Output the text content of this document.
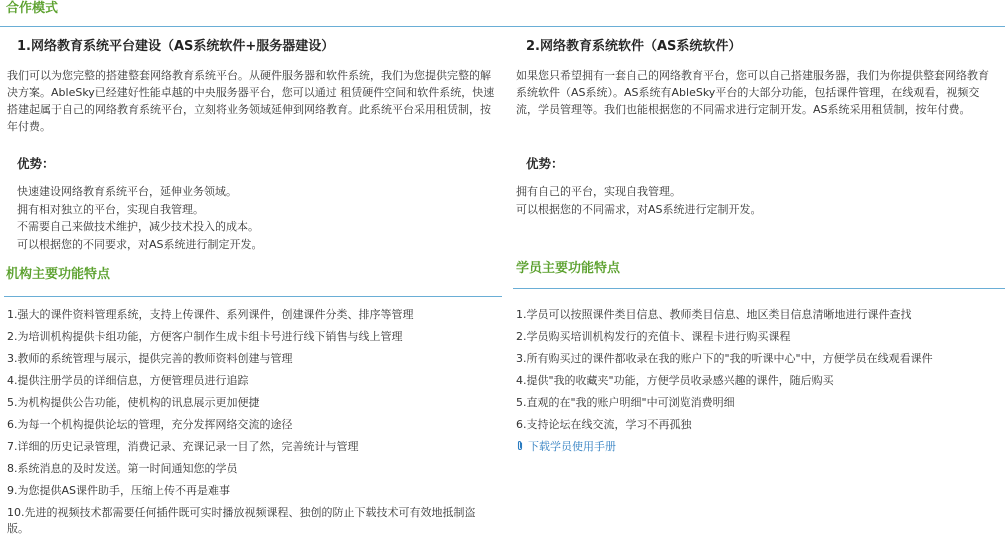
合作模式
1.网络教育系统平台建设（AS系统软件+服务器建设）
我们可以为您完整的搭建整套网络教育系统平台。从硬件服务器和软件系统，我们为您提供完整的解决方案。AbleSky已经建好性能卓越的中央服务器平台，您可以通过 租赁硬件空间和软件系统，快速搭建起属于自己的网络教育系统平台，立刻将业务领域延伸到网络教育。此系统平台采用租赁制，按年付费。
优势：
快速建设网络教育系统平台，延伸业务领域。
拥有相对独立的平台，实现自我管理。
不需要自己来做技术维护，减少技术投入的成本。
可以根据您的不同要求，对AS系统进行制定开发。
2.网络教育系统软件（AS系统软件）
如果您只希望拥有一套自己的网络教育平台，您可以自己搭建服务器，我们为你提供整套网络教育系统软件（AS系统）。AS系统有AbleSky平台的大部分功能，包括课件管理，在线观看，视频交流，学员管理等。我们也能根据您的不同需求进行定制开发。AS系统采用租赁制，按年付费。
优势：
拥有自己的平台，实现自我管理。
可以根据您的不同需求，对AS系统进行定制开发。
机构主要功能特点
1.强大的课件资料管理系统，支持上传课件、系列课件，创建课件分类、排序等管理
2.为培训机构提供卡组功能，方便客户制作生成卡组卡号进行线下销售与线上管理
3.教师的系统管理与展示，提供完善的教师资料创建与管理
4.提供注册学员的详细信息，方便管理员进行追踪
5.为机构提供公告功能，使机构的讯息展示更加便捷
6.为每一个机构提供论坛的管理，充分发挥网络交流的途径
7.详细的历史记录管理，消费记录、充课记录一目了然，完善统计与管理
8.系统消息的及时发送。第一时间通知您的学员
9.为您提供AS课件助手，压缩上传不再是难事
10.先进的视频技术都需要任何插件既可实时播放视频课程、独创的防止下载技术可有效地抵制盗版。
学员主要功能特点
1.学员可以按照课件类目信息、教师类目信息、地区类目信息清晰地进行课件查找
2.学员购买培训机构发行的充值卡、课程卡进行购买课程
3.所有购买过的课件都收录在我的账户下的"我的听课中心"中，方便学员在线观看课件
4.提供"我的收藏夹"功能，方便学员收录感兴趣的课件，随后购买
5.直观的在"我的账户明细"中可浏览消费明细
6.支持论坛在线交流，学习不再孤独
下载学员使用手册
